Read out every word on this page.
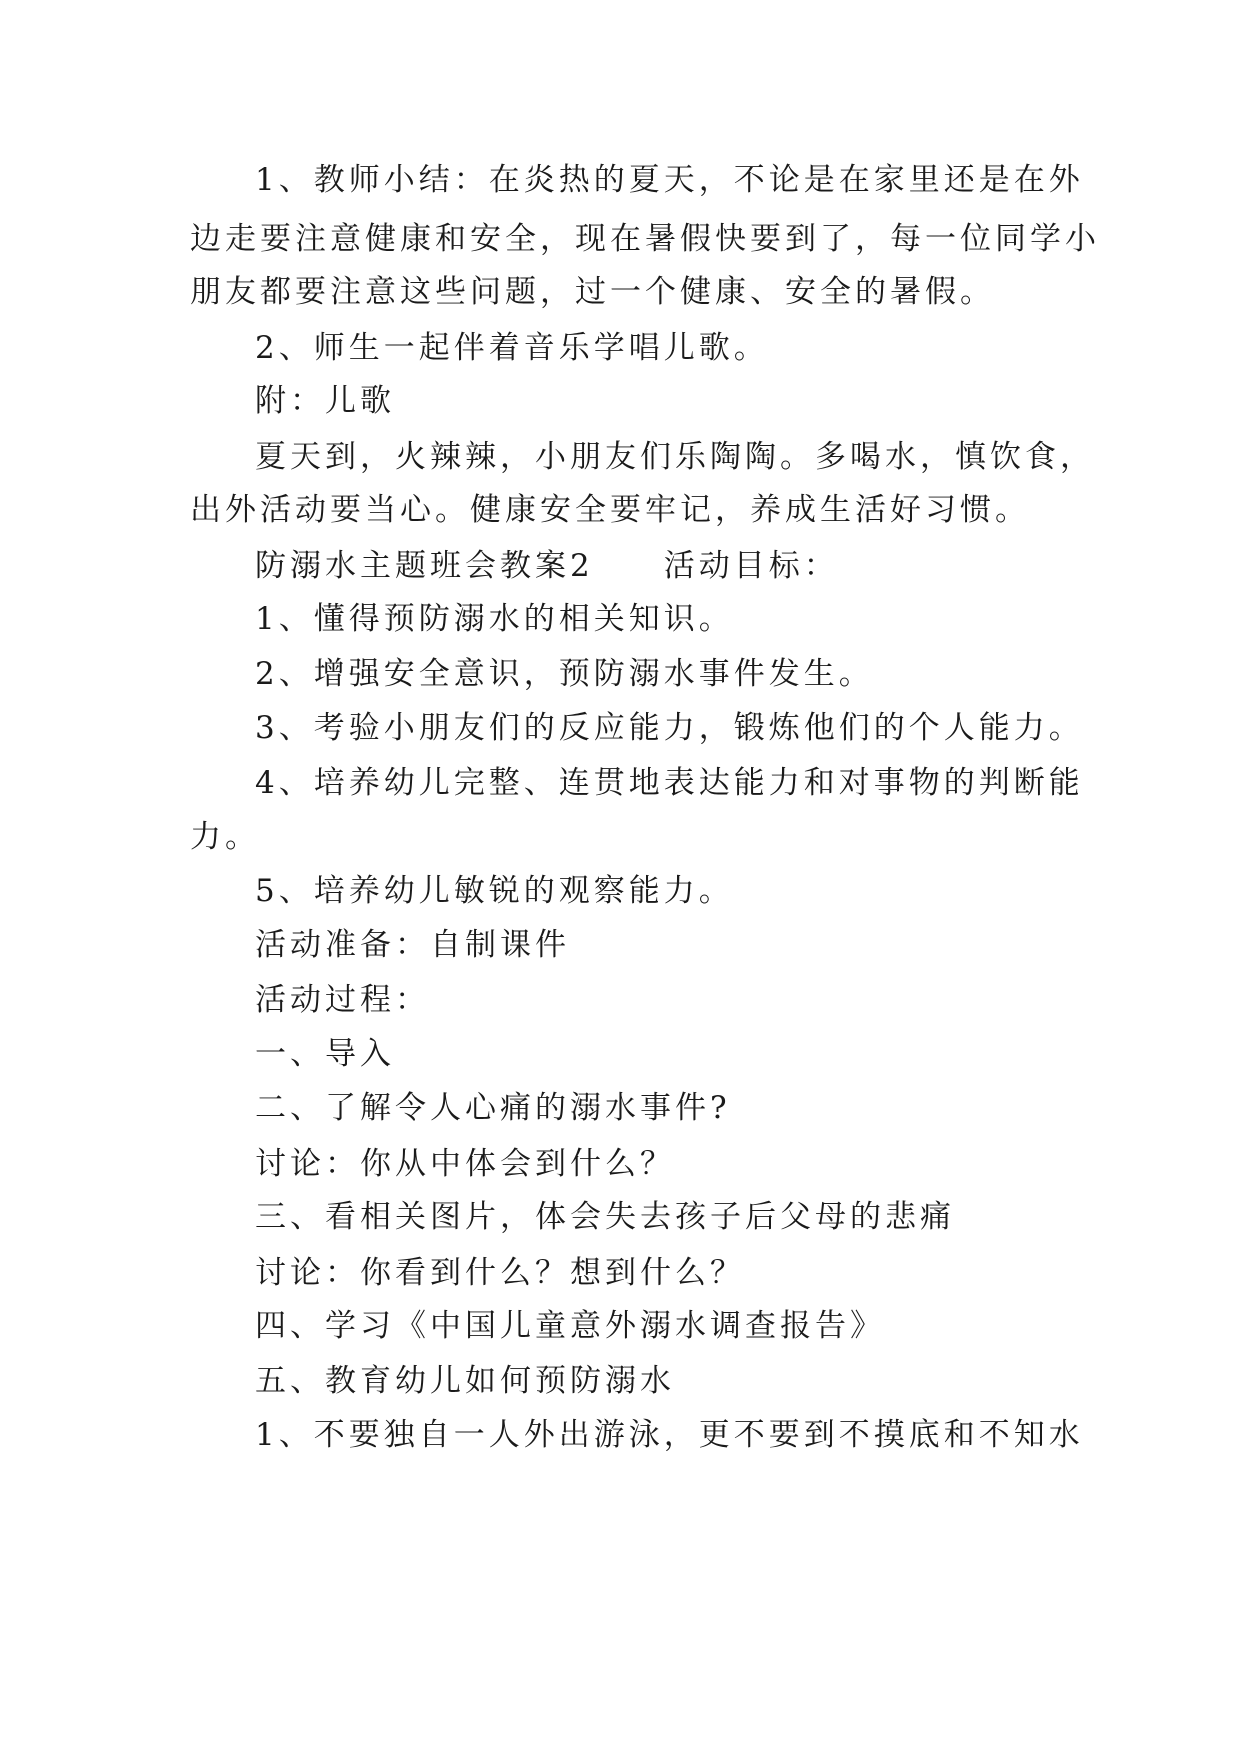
1、教师小结：在炎热的夏天，不论是在家里还是在外
边走要注意健康和安全，现在暑假快要到了，每一位同学小
朋友都要注意这些问题，过一个健康、安全的暑假。
2、师生一起伴着音乐学唱儿歌。
附：儿歌
夏天到，火辣辣，小朋友们乐陶陶。多喝水，慎饮食，
出外活动要当心。健康安全要牢记，养成生活好习惯。
防溺水主题班会教案2　　活动目标：
1、懂得预防溺水的相关知识。
2、增强安全意识，预防溺水事件发生。
3、考验小朋友们的反应能力，锻炼他们的个人能力。
4、培养幼儿完整、连贯地表达能力和对事物的判断能
力。
5、培养幼儿敏锐的观察能力。
活动准备：自制课件
活动过程：
一、导入
二、了解令人心痛的溺水事件?
讨论：你从中体会到什么？
三、看相关图片，体会失去孩子后父母的悲痛
讨论：你看到什么？想到什么？
四、学习《中国儿童意外溺水调查报告》
五、教育幼儿如何预防溺水
1、不要独自一人外出游泳，更不要到不摸底和不知水
